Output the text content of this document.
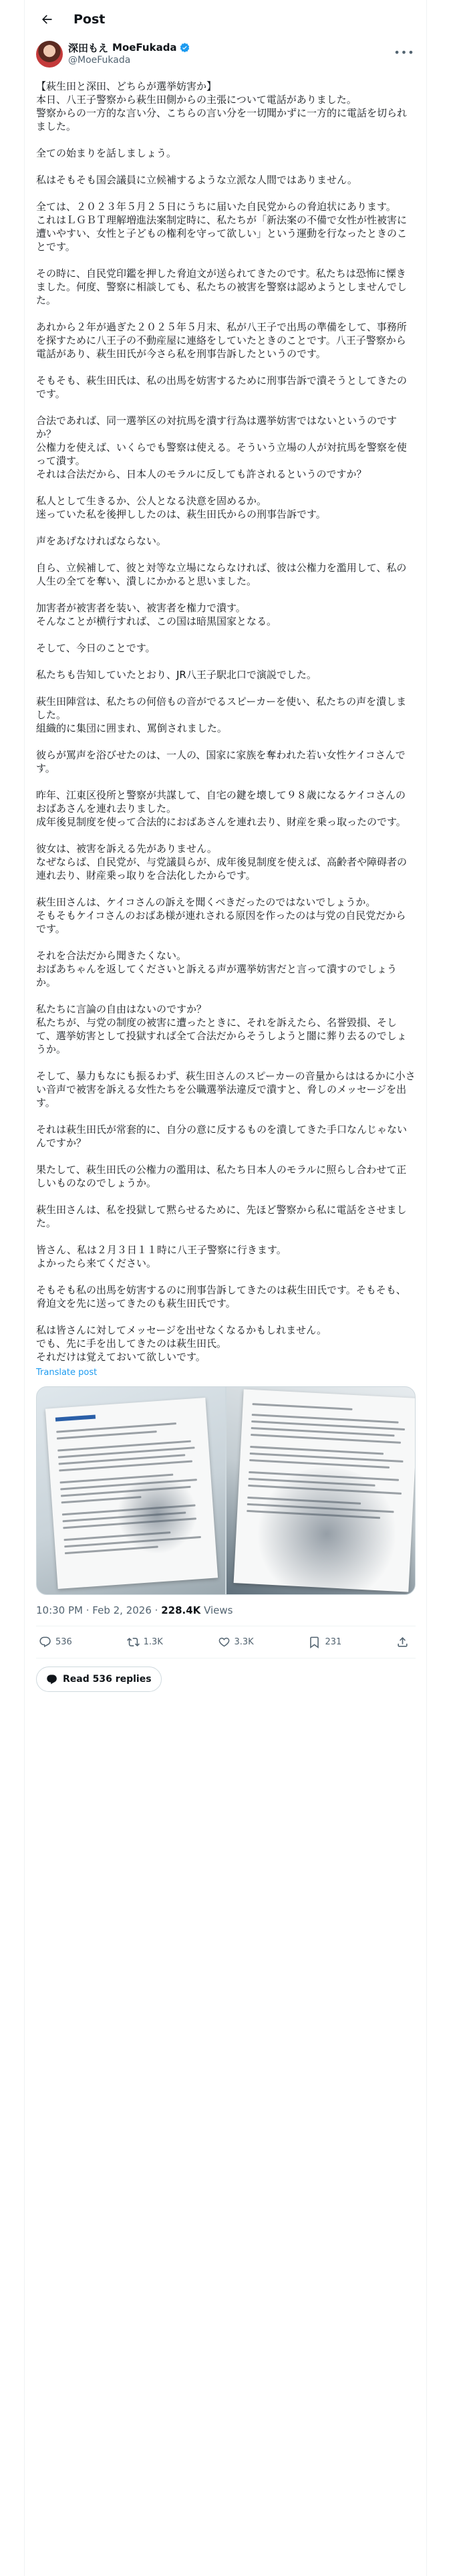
Post
深田もえ MoeFukada
@MoeFukada
•••
【萩生田と深田、どちらが選挙妨害か】
本日、八王子警察から萩生田側からの主張について電話がありました。
警察からの一方的な言い分、こちらの言い分を一切聞かずに一方的に電話を切られました。

全ての始まりを話しましょう。

私はそもそも国会議員に立候補するような立派な人間ではありません。

全ては、２０２３年５月２５日にうちに届いた自民党からの脅迫状にあります。
これはＬＧＢＴ理解増進法案制定時に、私たちが「新法案の不備で女性が性被害に遭いやすい、女性と子どもの権利を守って欲しい」という運動を行なったときのことです。

その時に、自民党印鑑を押した脅迫文が送られてきたのです。私たちは恐怖に慄きました。何度、警察に相談しても、私たちの被害を警察は認めようとしませんでした。

あれから２年が過ぎた２０２５年５月末、私が八王子で出馬の準備をして、事務所を探すために八王子の不動産屋に連絡をしていたときのことです。八王子警察から電話があり、萩生田氏が今さら私を刑事告訴したというのです。

そもそも、萩生田氏は、私の出馬を妨害するために刑事告訴で潰そうとしてきたのです。

合法であれば、同一選挙区の対抗馬を潰す行為は選挙妨害ではないというのですか？
公権力を使えば、いくらでも警察は使える。そういう立場の人が対抗馬を警察を使って潰す。
それは合法だから、日本人のモラルに反しても許されるというのですか？

私人として生きるか、公人となる決意を固めるか。
迷っていた私を後押ししたのは、萩生田氏からの刑事告訴です。

声をあげなければならない。

自ら、立候補して、彼と対等な立場にならなければ、彼は公権力を濫用して、私の人生の全てを奪い、潰しにかかると思いました。

加害者が被害者を装い、被害者を権力で潰す。
そんなことが横行すれば、この国は暗黒国家となる。

そして、今日のことです。

私たちも告知していたとおり、JR八王子駅北口で演説でした。

萩生田陣営は、私たちの何倍もの音がでるスピーカーを使い、私たちの声を潰しました。
組織的に集団に囲まれ、罵倒されました。

彼らが罵声を浴びせたのは、一人の、国家に家族を奪われた若い女性ケイコさんです。

昨年、江東区役所と警察が共謀して、自宅の鍵を壊して９８歳になるケイコさんのおばあさんを連れ去りました。
成年後見制度を使って合法的におばあさんを連れ去り、財産を乗っ取ったのです。

彼女は、被害を訴える先がありません。
なぜならば、自民党が、与党議員らが、成年後見制度を使えば、高齢者や障碍者の連れ去り、財産乗っ取りを合法化したからです。

萩生田さんは、ケイコさんの訴えを聞くべきだったのではないでしょうか。
そもそもケイコさんのおばあ様が連れされる原因を作ったのは与党の自民党だからです。

それを合法だから聞きたくない。
おばあちゃんを返してくださいと訴える声が選挙妨害だと言って潰すのでしょうか。

私たちに言論の自由はないのですか？
私たちが、与党の制度の被害に遭ったときに、それを訴えたら、名誉毀損、そして、選挙妨害として投獄すれば全て合法だからそうしようと闇に葬り去るのでしょうか。

そして、暴力もなにも振るわず、萩生田さんのスピーカーの音量からははるかに小さい音声で被害を訴える女性たちを公職選挙法違反で潰すと、脅しのメッセージを出す。

それは萩生田氏が常套的に、自分の意に反するものを潰してきた手口なんじゃないんですか？

果たして、萩生田氏の公権力の濫用は、私たち日本人のモラルに照らし合わせて正しいものなのでしょうか。

萩生田さんは、私を投獄して黙らせるために、先ほど警察から私に電話をさせました。

皆さん、私は２月３日１１時に八王子警察に行きます。
よかったら来てください。

そもそも私の出馬を妨害するのに刑事告訴してきたのは萩生田氏です。そもそも、脅迫文を先に送ってきたのも萩生田氏です。

私は皆さんに対してメッセージを出せなくなるかもしれません。
でも、先に手を出してきたのは萩生田氏。
それだけは覚えておいて欲しいです。
Translate post
10:30 PM · Feb 2, 2026 · 228.4K Views
536	1.3K	3.3K	231
Read 536 replies
